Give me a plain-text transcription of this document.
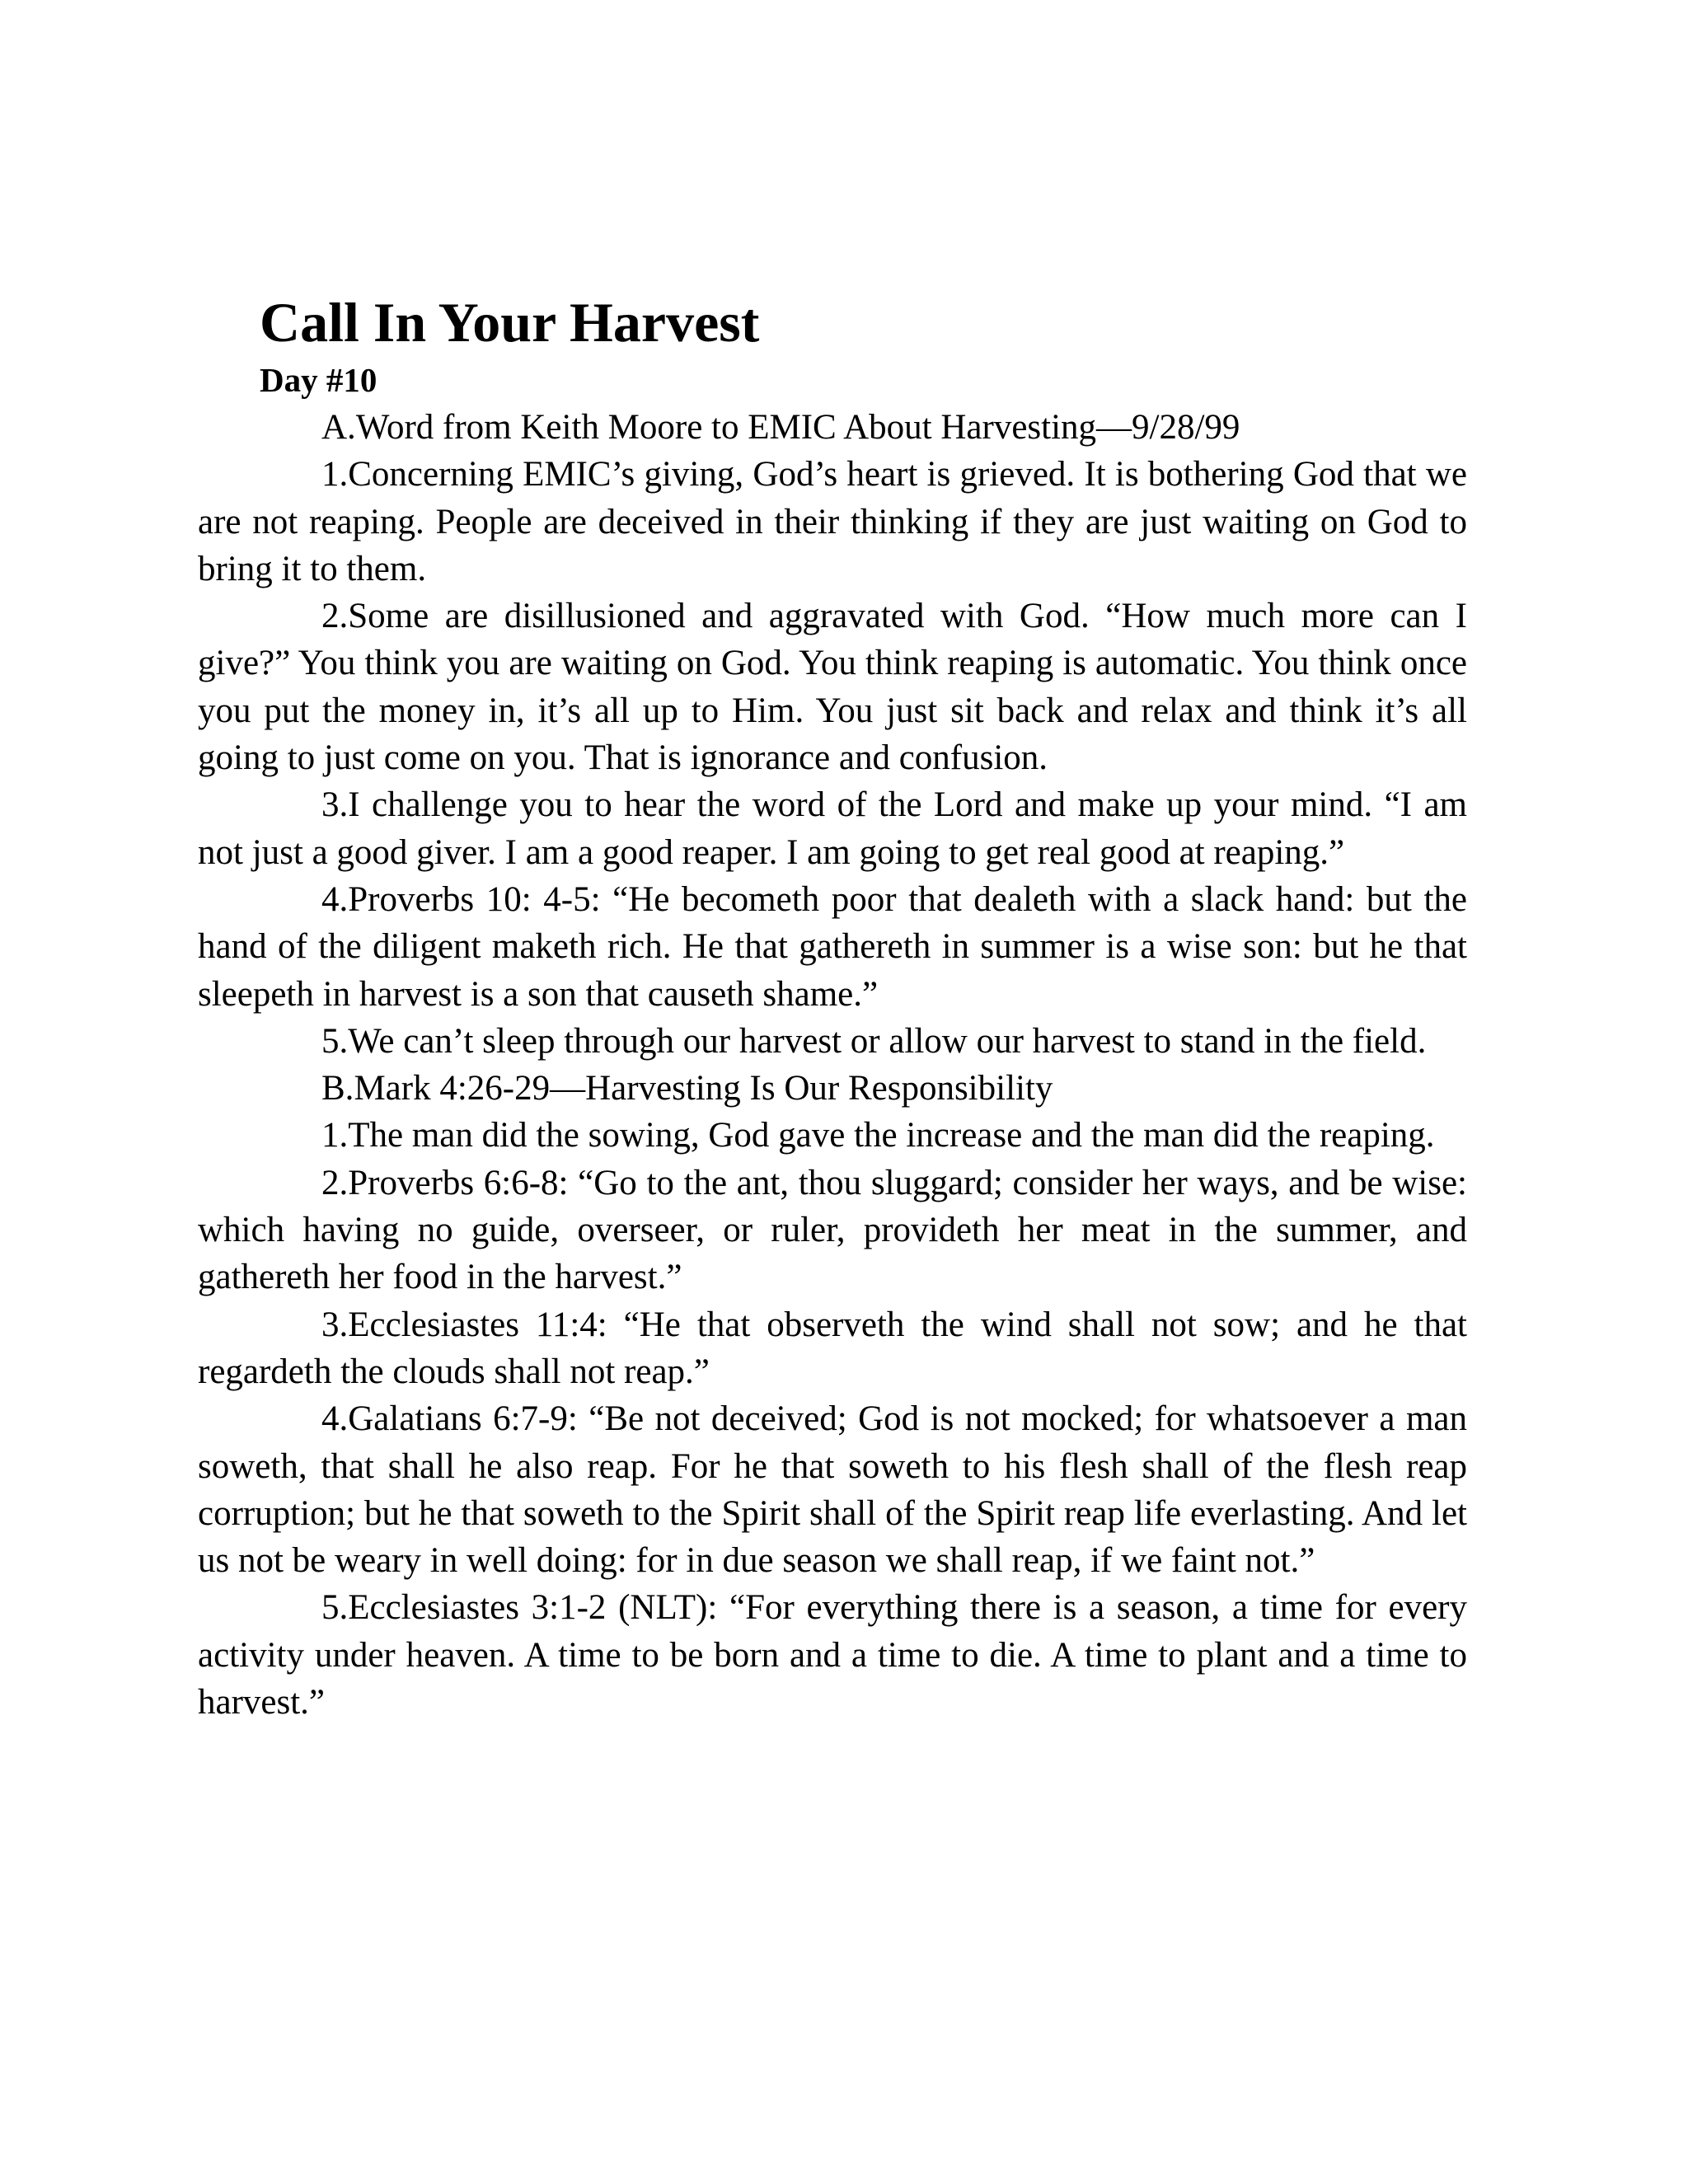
Call In Your Harvest
Day #10

A.Word from Keith Moore to EMIC About Harvesting—9/28/99

1.Concerning EMIC’s giving, God’s heart is grieved. It is bothering God that we are not reaping. People are deceived in their thinking if they are just waiting on God to bring it to them.

2.Some are disillusioned and aggravated with God. “How much more can I give?” You think you are waiting on God. You think reaping is automatic. You think once you put the money in, it’s all up to Him. You just sit back and relax and think it’s all going to just come on you. That is ignorance and confusion.

3.I challenge you to hear the word of the Lord and make up your mind. “I am not just a good giver. I am a good reaper. I am going to get real good at reaping.”

4.Proverbs 10: 4-5: “He becometh poor that dealeth with a slack hand: but the hand of the diligent maketh rich. He that gathereth in summer is a wise son: but he that sleepeth in harvest is a son that causeth shame.”

5.We can’t sleep through our harvest or allow our harvest to stand in the field.

B.Mark 4:26-29—Harvesting Is Our Responsibility

1.The man did the sowing, God gave the increase and the man did the reaping.

2.Proverbs 6:6-8: “Go to the ant, thou sluggard; consider her ways, and be wise: which having no guide, overseer, or ruler, provideth her meat in the summer, and gathereth her food in the harvest.”

3.Ecclesiastes 11:4: “He that observeth the wind shall not sow; and he that regardeth the clouds shall not reap.”

4.Galatians 6:7-9: “Be not deceived; God is not mocked; for whatsoever a man soweth, that shall he also reap. For he that soweth to his flesh shall of the flesh reap corruption; but he that soweth to the Spirit shall of the Spirit reap life everlasting. And let us not be weary in well doing: for in due season we shall reap, if we faint not.”

5.Ecclesiastes 3:1-2 (NLT): “For everything there is a season, a time for every activity under heaven. A time to be born and a time to die. A time to plant and a time to harvest.”
